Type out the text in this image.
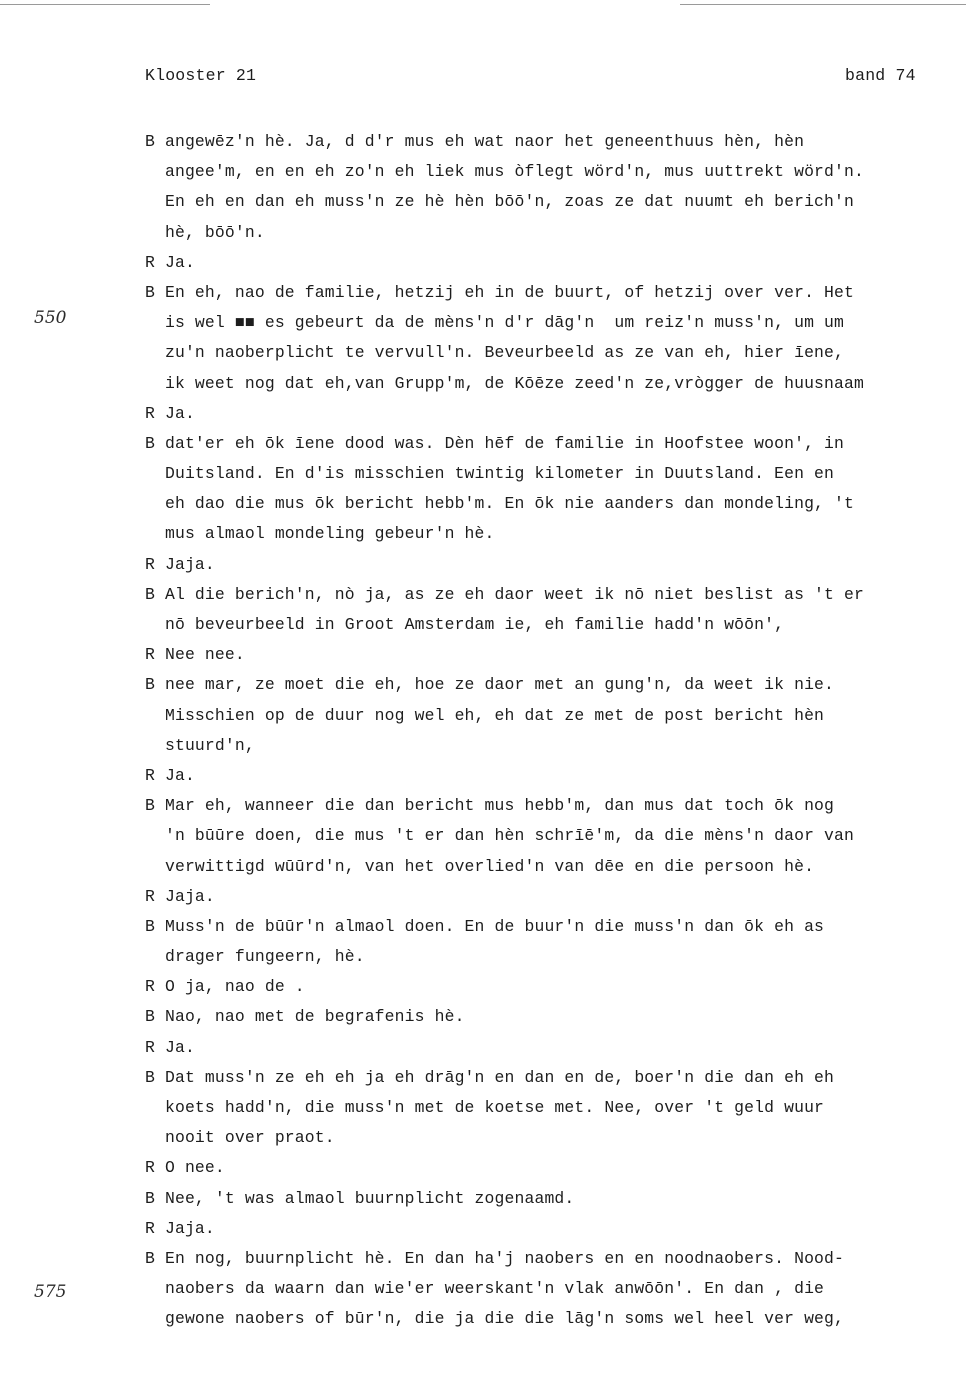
Klooster 21	band 74
550
575
B angewēz'n hè. Ja, d d'r mus eh wat naor het geneenthuus hèn, hèn
angee'm, en en eh zo'n eh liek mus òflegt wörd'n, mus uuttrekt wörd'n.
En eh en dan eh muss'n ze hè hèn bōō'n, zoas ze dat nuumt eh berich'n
hè, bōō'n.
R Ja.
B En eh, nao de familie, hetzij eh in de buurt, of hetzij over ver. Het
is wel ■■ es gebeurt da de mèns'n d'r dāg'n  um reiz'n muss'n, um um
zu'n naoberplicht te vervull'n. Beveurbeeld as ze van eh, hier īene,
ik weet nog dat eh,van Grupp'm, de Kōēze zeed'n ze,vrògger de huusnaam
R Ja.
B dat'er eh ōk īene dood was. Dèn hēf de familie in Hoofstee woon', in
Duitsland. En d'is misschien twintig kilometer in Duutsland. Een en
eh dao die mus ōk bericht hebb'm. En ōk nie aanders dan mondeling, 't
mus almaol mondeling gebeur'n hè.
R Jaja.
B Al die berich'n, nò ja, as ze eh daor weet ik nō niet beslist as 't er
nō beveurbeeld in Groot Amsterdam ie, eh familie hadd'n wōōn',
R Nee nee.
B nee mar, ze moet die eh, hoe ze daor met an gung'n, da weet ik nie.
Misschien op de duur nog wel eh, eh dat ze met de post bericht hèn
stuurd'n,
R Ja.
B Mar eh, wanneer die dan bericht mus hebb'm, dan mus dat toch ōk nog
'n būūre doen, die mus 't er dan hèn schrīē'm, da die mèns'n daor van
verwittigd wūūrd'n, van het overlied'n van dēe en die persoon hè.
R Jaja.
B Muss'n de būūr'n almaol doen. En de buur'n die muss'n dan ōk eh as
drager fungeern, hè.
R O ja, nao de .
B Nao, nao met de begrafenis hè.
R Ja.
B Dat muss'n ze eh eh ja eh drāg'n en dan en de, boer'n die dan eh eh
koets hadd'n, die muss'n met de koetse met. Nee, over 't geld wuur
nooit over praot.
R O nee.
B Nee, 't was almaol buurnplicht zogenaamd.
R Jaja.
B En nog, buurnplicht hè. En dan ha'j naobers en en noodnaobers. Nood-
naobers da waarn dan wie'er weerskant'n vlak anwōōn'. En dan , die
gewone naobers of būr'n, die ja die die lāg'n soms wel heel ver weg,
